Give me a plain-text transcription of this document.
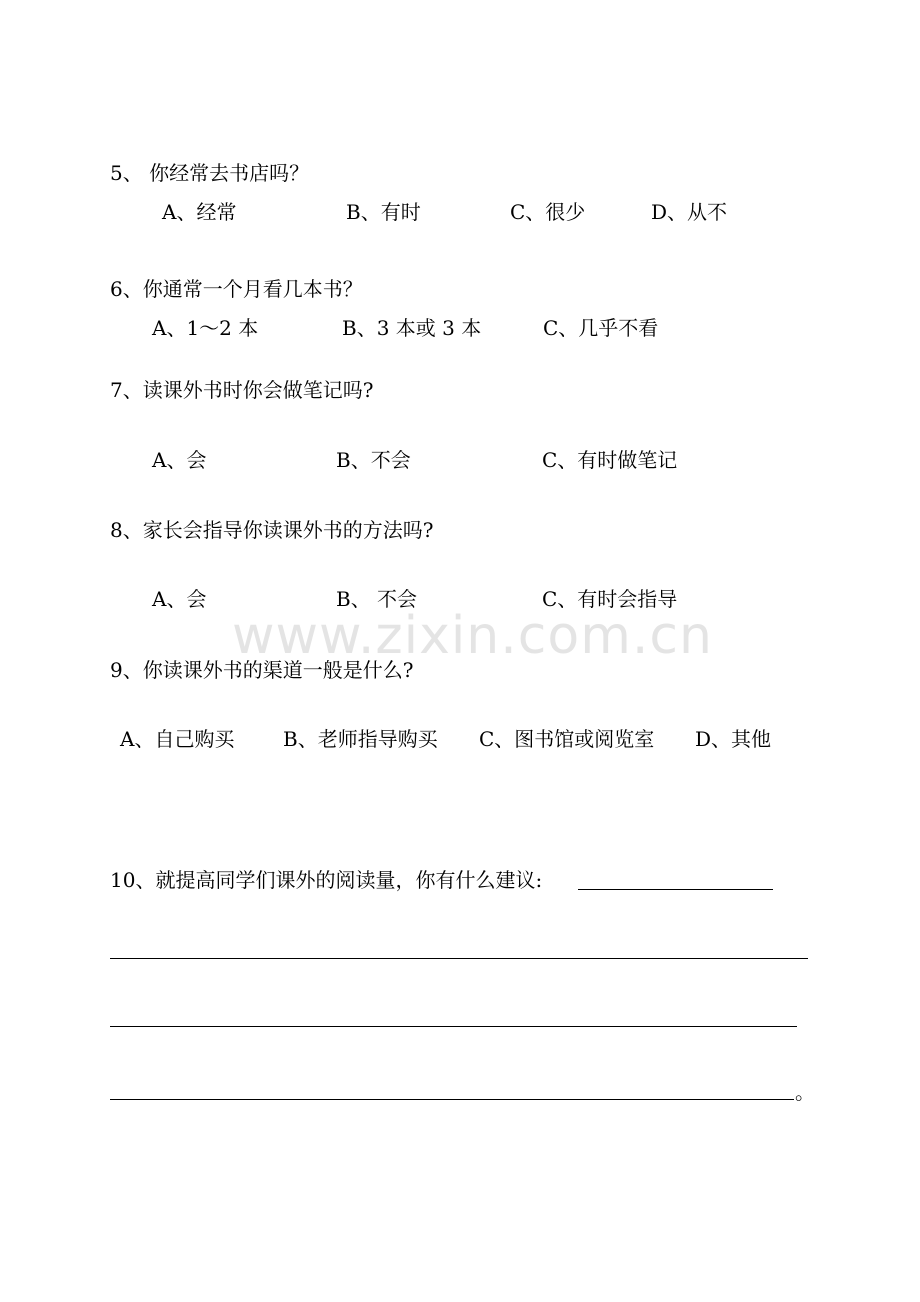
www.zixin.com.cn
5、 你经常去书店吗？
A、经常	B、有时	C、很少	D、从不
6、你通常一个月看几本书？
A、1～2 本	B、3 本或 3 本	C、几乎不看
7、读课外书时你会做笔记吗?
A、会	B、不会	C、有时做笔记
8、家长会指导你读课外书的方法吗?
A、会	B、 不会	C、有时会指导
9、你读课外书的渠道一般是什么?
A、自己购买 B、老师指导购买 C、图书馆或阅览室 D、其他
10、就提高同学们课外的阅读量，你有什么建议:
。
